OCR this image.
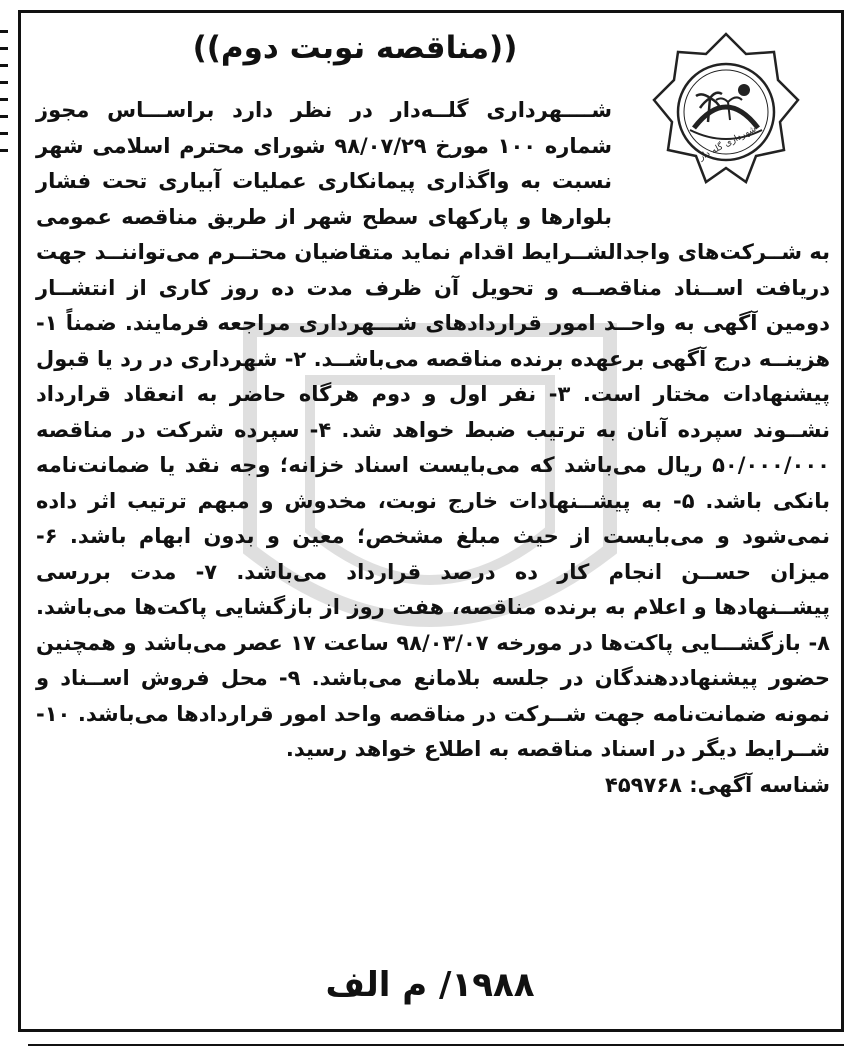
شهرداری گله دار
((مناقصه نوبت دوم))

شــــهرداری گلــه‌دار در نظر دارد براســـاس مجوز شماره ۱۰۰ مورخ ۹۸/۰۷/۲۹ شورای محترم اسلامی شهر نسبت به واگذاری پیمانکاری عملیات آبیاری تحت فشار بلوارها و پارکهای سطح شهر از طریق مناقصه عمومی به شــرکت‌های واجدالشــرایط اقدام نماید متقاضیان محتــرم می‌تواننــد جهت دریافت اســناد مناقصــه و تحویل آن ظرف مدت ده روز کاری از انتشــار دومین آگهی به واحــد امور قراردادهای شـــهرداری مراجعه فرمایند. ضمناً ۱- هزینــه درج آگهی برعهده برنده مناقصه می‌باشــد. ۲- شهرداری در رد یا قبول پیشنهادات مختار است. ۳- نفر اول و دوم هرگاه حاضر به انعقاد قرارداد نشــوند سپرده آنان به ترتیب ضبط خواهد شد. ۴- سپرده شرکت در مناقصه ۵۰/۰۰۰/۰۰۰ ریال می‌باشد که می‌بایست اسناد خزانه؛ وجه نقد یا ضمانت‌نامه بانکی باشد. ۵- به پیشــنهادات خارج نوبت، مخدوش و مبهم ترتیب اثر داده نمی‌شود و می‌بایست از حیث مبلغ مشخص؛ معین و بدون ابهام باشد. ۶- میزان حســن انجام کار ده درصد قرارداد می‌باشد. ۷- مدت بررسی پیشــنهادها و اعلام به برنده مناقصه، هفت روز از بازگشایی پاکت‌ها می‌باشد. ۸- بازگشـــایی پاکت‌ها در مورخه ۹۸/۰۳/۰۷ ساعت ۱۷ عصر می‌باشد و همچنین حضور پیشنهاددهندگان در جلسه بلامانع می‌باشد. ۹- محل فروش اســناد و نمونه ضمانت‌نامه جهت شــرکت در مناقصه واحد امور قراردادها می‌باشد. ۱۰- شــرایط دیگر در اسناد مناقصه به اطلاع خواهد رسید.

شناسه آگهی: ۴۵۹۷۶۸

۱۹۸۸/ م الف
